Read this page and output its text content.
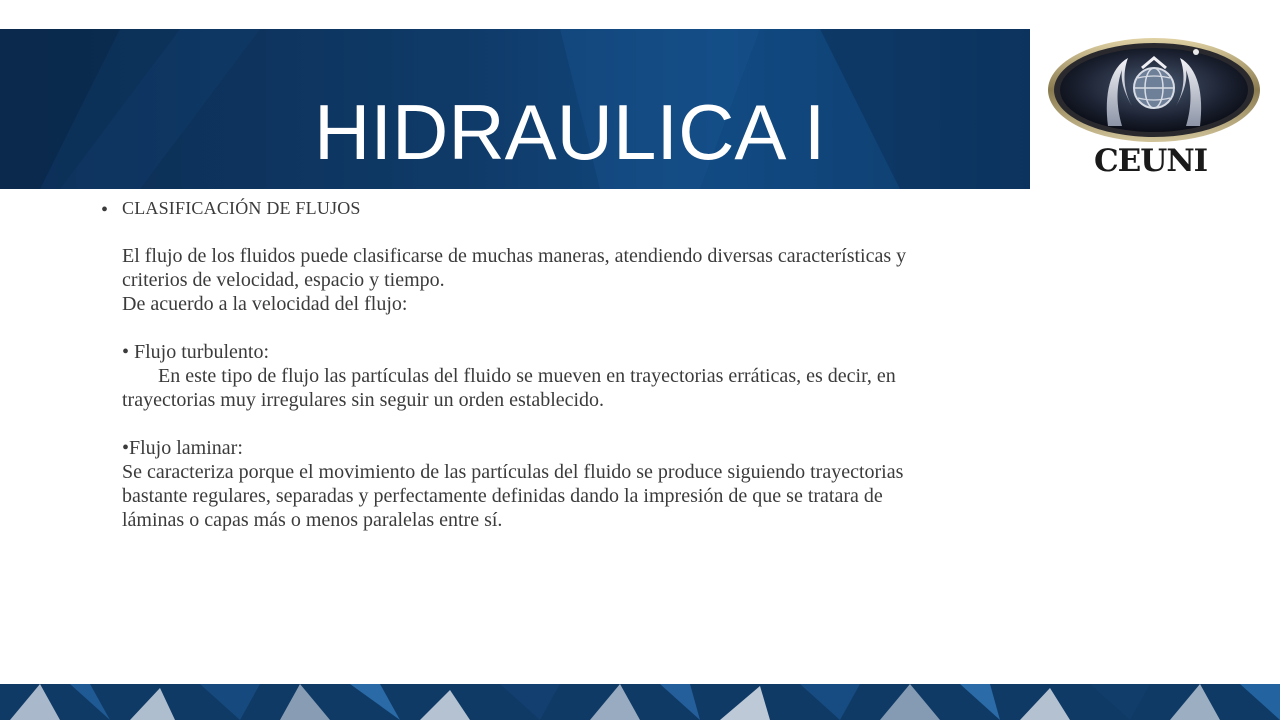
HIDRAULICA I	CEUNI
• CLASIFICACIÓN DE FLUJOS

El flujo de los fluidos puede clasificarse de muchas maneras, atendiendo diversas características y

criterios de velocidad, espacio y tiempo.

De acuerdo a la velocidad del flujo:

• Flujo turbulento:

En este tipo de flujo las partículas del fluido se mueven en trayectorias erráticas, es decir, en

trayectorias muy irregulares sin seguir un orden establecido.

•Flujo laminar:

Se caracteriza porque el movimiento de las partículas del fluido se produce siguiendo trayectorias

bastante regulares, separadas y perfectamente definidas dando la impresión de que se tratara de

láminas o capas más o menos paralelas entre sí.
